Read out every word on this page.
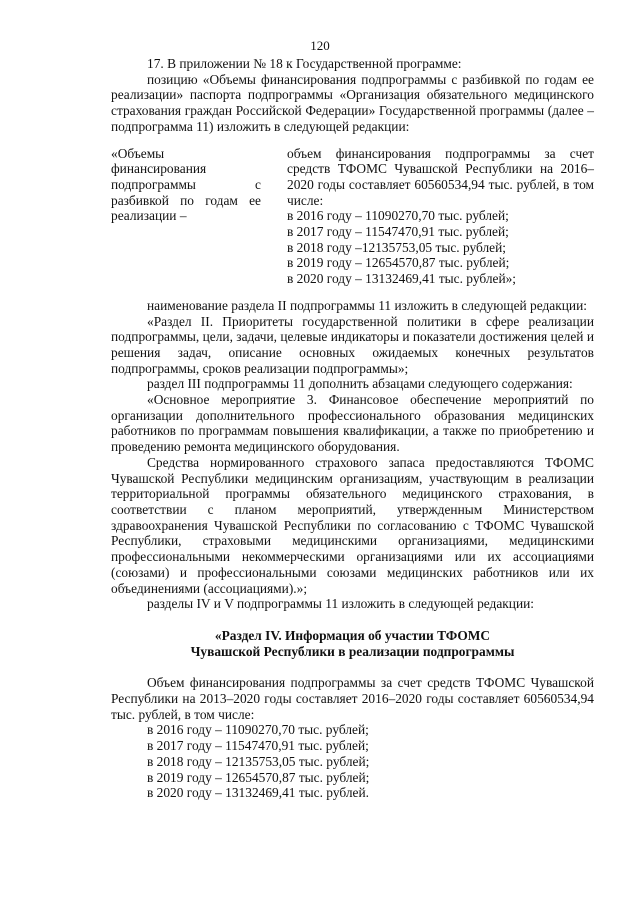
120

17. В приложении № 18 к Государственной программе:

позицию «Объемы финансирования подпрограммы с разбивкой по годам ее реализации» паспорта подпрограммы «Организация обязательного медицинского страхования граждан Российской Федерации» Государственной программы (далее – подпрограмма 11) изложить в следующей редакции:

«Объемы финансирования подпрограммы с разбивкой по годам ее реализации –
объем финансирования подпрограммы за счет средств ТФОМС Чувашской Республики на 2016–2020 годы составляет 60560534,94 тыс. рублей, в том числе:
в 2016 году – 11090270,70 тыс. рублей;
в 2017 году – 11547470,91 тыс. рублей;
в 2018 году –12135753,05 тыс. рублей;
в 2019 году – 12654570,87 тыс. рублей;
в 2020 году – 13132469,41 тыс. рублей»;

наименование раздела II подпрограммы 11 изложить в следующей редакции:

«Раздел II. Приоритеты государственной политики в сфере реализации подпрограммы, цели, задачи, целевые индикаторы и показатели достижения целей и решения задач, описание основных ожидаемых конечных результатов подпрограммы, сроков реализации подпрограммы»;

раздел III подпрограммы 11 дополнить абзацами следующего содержания:

«Основное мероприятие 3. Финансовое обеспечение мероприятий по организации дополнительного профессионального образования медицинских работников по программам повышения квалификации, а также по приобретению и проведению ремонта медицинского оборудования.

Средства нормированного страхового запаса предоставляются ТФОМС Чувашской Республики медицинским организациям, участвующим в реализации территориальной программы обязательного медицинского страхования, в соответствии с планом мероприятий, утвержденным Министерством здравоохранения Чувашской Республики по согласованию с ТФОМС Чувашской Республики, страховыми медицинскими организациями, медицинскими профессиональными некоммерческими организациями или их ассоциациями (союзами) и профессиональными союзами медицинских работников или их объединениями (ассоциациями).»;

разделы IV и V подпрограммы 11 изложить в следующей редакции:

«Раздел IV. Информация об участии ТФОМС
Чувашской Республики в реализации подпрограммы

Объем финансирования подпрограммы за счет средств ТФОМС Чувашской Республики на 2013–2020 годы составляет 2016–2020 годы составляет 60560534,94 тыс. рублей, в том числе:

в 2016 году – 11090270,70 тыс. рублей;
в 2017 году – 11547470,91 тыс. рублей;
в 2018 году – 12135753,05 тыс. рублей;
в 2019 году – 12654570,87 тыс. рублей;
в 2020 году – 13132469,41 тыс. рублей.
